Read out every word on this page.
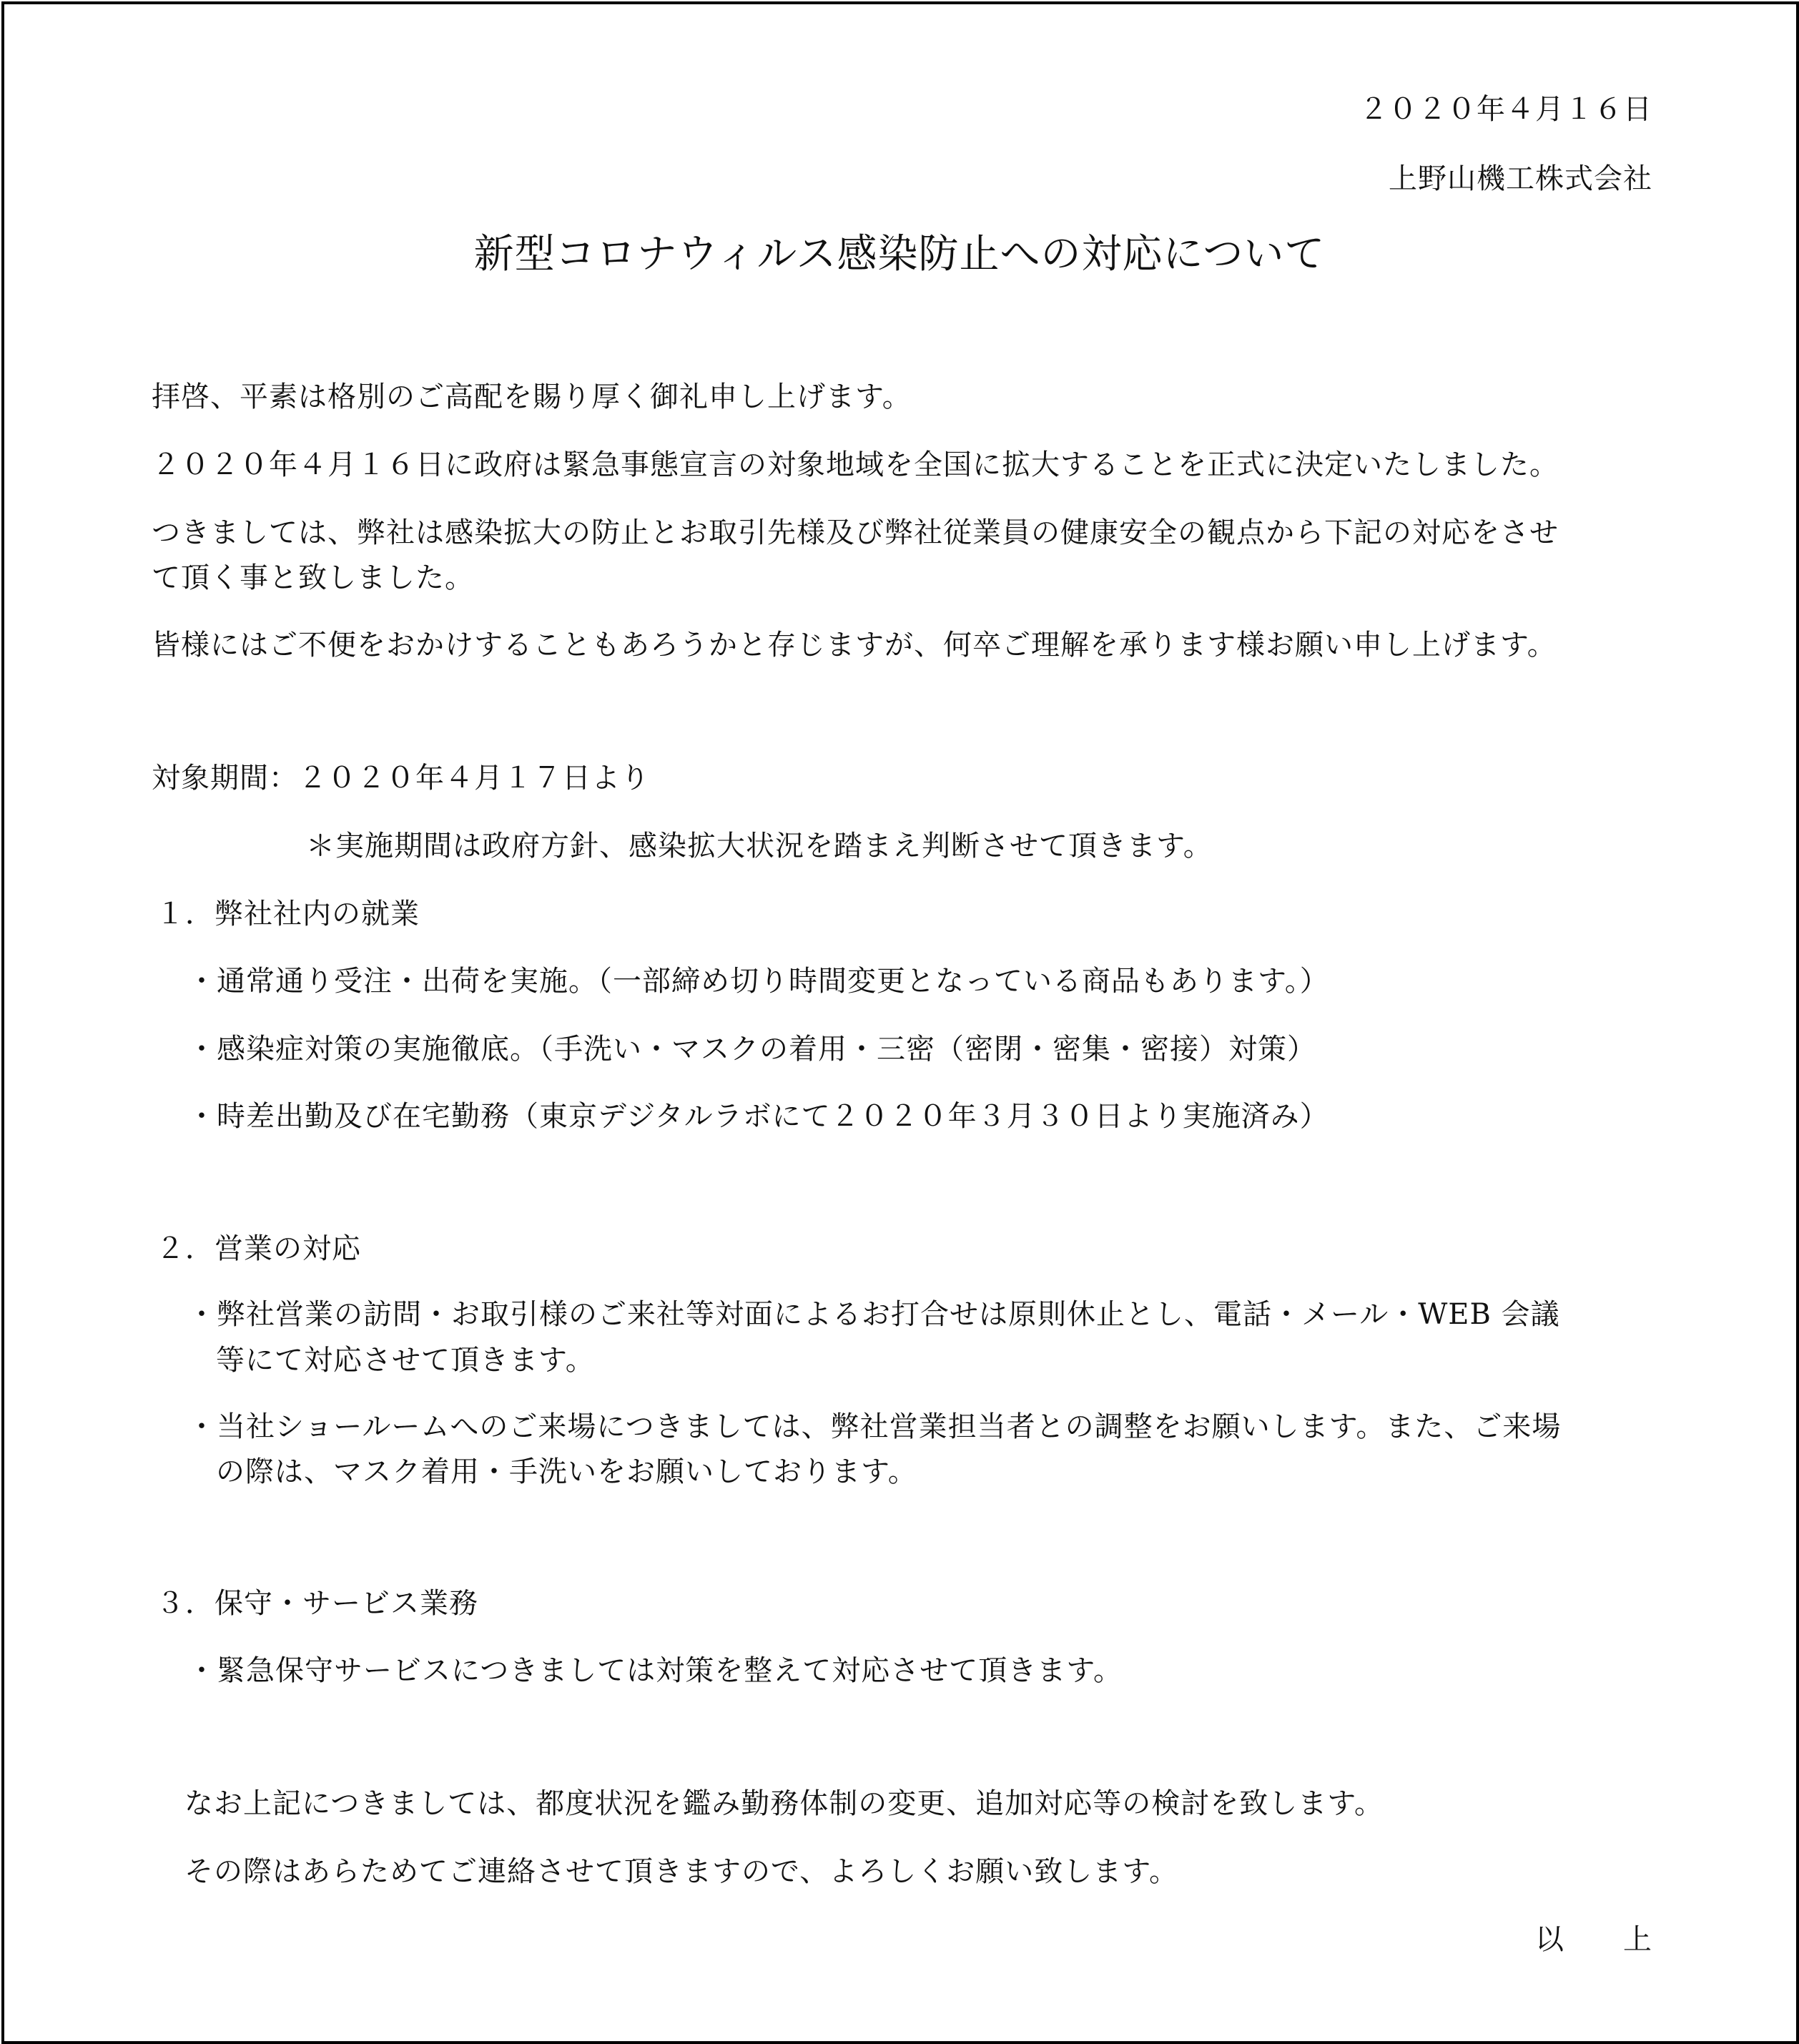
２０２０年４月１６日
上野山機工株式会社
新型コロナウィルス感染防止への対応について
拝啓、平素は格別のご高配を賜り厚く御礼申し上げます。
２０２０年４月１６日に政府は緊急事態宣言の対象地域を全国に拡大することを正式に決定いたしました。
つきましては、弊社は感染拡大の防止とお取引先様及び弊社従業員の健康安全の観点から下記の対応をさせ
て頂く事と致しました。
皆様にはご不便をおかけすることもあろうかと存じますが、何卒ご理解を承ります様お願い申し上げます。
対象期間：２０２０年４月１７日より
＊実施期間は政府方針、感染拡大状況を踏まえ判断させて頂きます。
１．弊社社内の就業
・通常通り受注・出荷を実施。（一部締め切り時間変更となっている商品もあります。）
・感染症対策の実施徹底。（手洗い・マスクの着用・三密（密閉・密集・密接）対策）
・時差出勤及び在宅勤務（東京デジタルラボにて２０２０年３月３０日より実施済み）
２．営業の対応
・弊社営業の訪問・お取引様のご来社等対面によるお打合せは原則休止とし、電話・メール・WEB 会議
等にて対応させて頂きます。
・当社ショールームへのご来場につきましては、弊社営業担当者との調整をお願いします。また、ご来場
の際は、マスク着用・手洗いをお願いしております。
３．保守・サービス業務
・緊急保守サービスにつきましては対策を整えて対応させて頂きます。
なお上記につきましては、都度状況を鑑み勤務体制の変更、追加対応等の検討を致します。
その際はあらためてご連絡させて頂きますので、よろしくお願い致します。
以　　上
